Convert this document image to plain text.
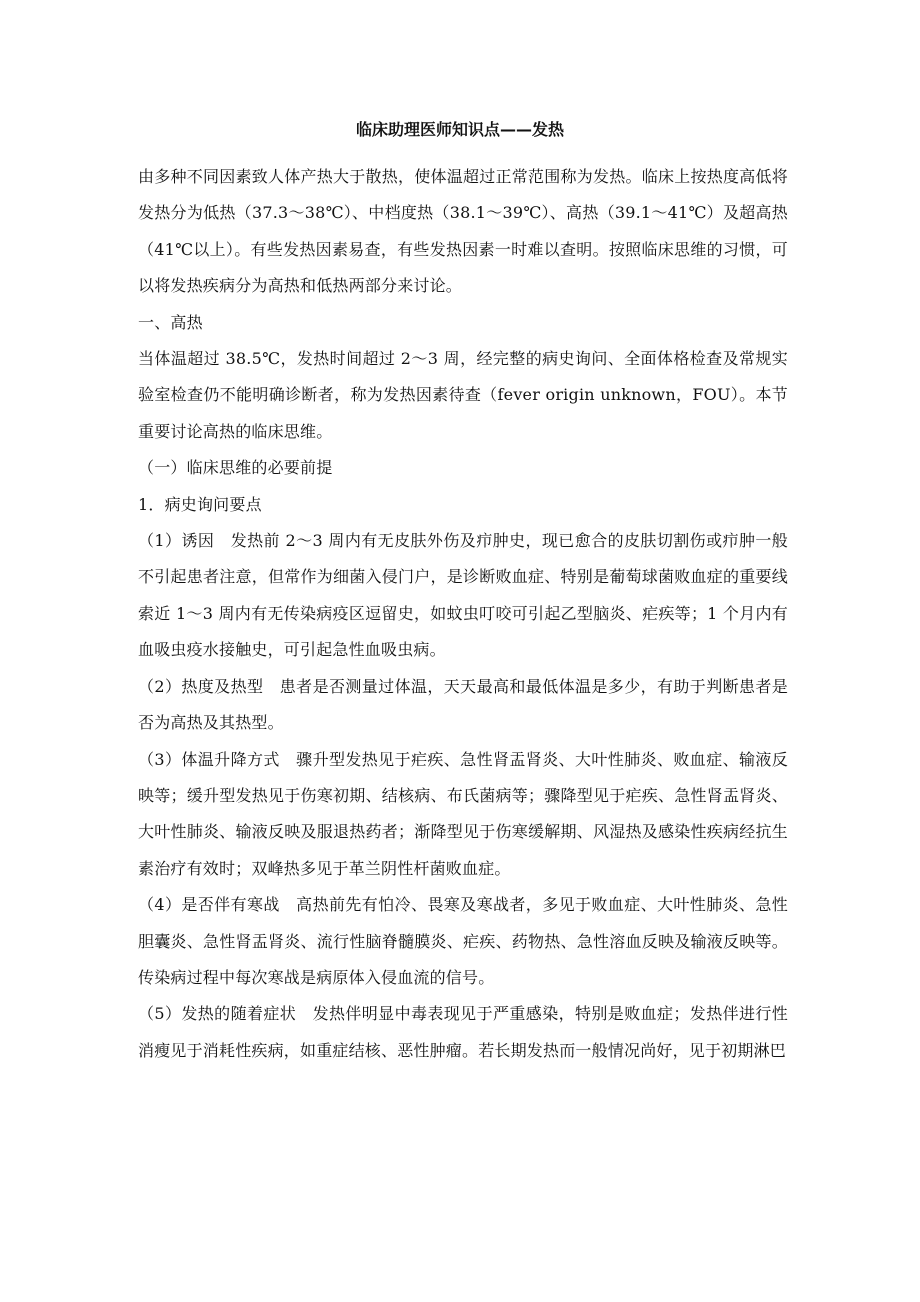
临床助理医师知识点——发热

由多种不同因素致人体产热大于散热，使体温超过正常范围称为发热。临床上按热度高低将发热分为低热（37.3～38℃）、中档度热（38.1～39℃）、高热（39.1～41℃）及超高热（41℃以上）。有些发热因素易查，有些发热因素一时难以查明。按照临床思维的习惯，可以将发热疾病分为高热和低热两部分来讨论。

一、高热

当体温超过 38.5℃，发热时间超过 2～3 周，经完整的病史询问、全面体格检查及常规实验室检查仍不能明确诊断者，称为发热因素待查（fever origin unknown，FOU）。本节重要讨论高热的临床思维。

（一）临床思维的必要前提

1．病史询问要点

（1）诱因　发热前 2～3 周内有无皮肤外伤及疖肿史，现已愈合的皮肤切割伤或疖肿一般不引起患者注意，但常作为细菌入侵门户，是诊断败血症、特别是葡萄球菌败血症的重要线索近 1～3 周内有无传染病疫区逗留史，如蚊虫叮咬可引起乙型脑炎、疟疾等；1 个月内有血吸虫疫水接触史，可引起急性血吸虫病。

（2）热度及热型　患者是否测量过体温，天天最高和最低体温是多少，有助于判断患者是否为高热及其热型。

（3）体温升降方式　骤升型发热见于疟疾、急性肾盂肾炎、大叶性肺炎、败血症、输液反映等；缓升型发热见于伤寒初期、结核病、布氏菌病等；骤降型见于疟疾、急性肾盂肾炎、大叶性肺炎、输液反映及服退热药者；渐降型见于伤寒缓解期、风湿热及感染性疾病经抗生素治疗有效时；双峰热多见于革兰阴性杆菌败血症。

（4）是否伴有寒战　高热前先有怕冷、畏寒及寒战者，多见于败血症、大叶性肺炎、急性胆囊炎、急性肾盂肾炎、流行性脑脊髓膜炎、疟疾、药物热、急性溶血反映及输液反映等。传染病过程中每次寒战是病原体入侵血流的信号。

（5）发热的随着症状　发热伴明显中毒表现见于严重感染，特别是败血症；发热伴进行性消瘦见于消耗性疾病，如重症结核、恶性肿瘤。若长期发热而一般情况尚好，见于初期淋巴
